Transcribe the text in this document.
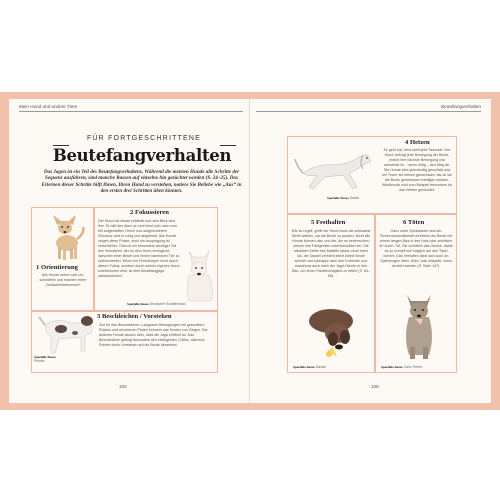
Mein Hund und andere Tiere	Beutefangverhalten
FÜR FORTGESCHRITTENE
Beutefangverhalten
Das Jagen ist ein Teil des Beutefangverhaltens. Während die meisten Hunde alle Schritte der Sequenz ausführen, sind manche Rassen auf einzelne hin gezüchtet worden (S. 24–25). Das Erlernen dieser Schritte hilft Ihnen, Ihren Hund zu verstehen, notiere Sie Beliebe wie „Aus“ in den ersten drei Schritten üben können.
1 Orientierung
Alle Hunde sehen sich um, schnüffeln und machen einen „Schaufenstebummel“.
2 Fokussieren
Der Hund hat etwas entdeckt und sein Blick wird ihm. Er hält den Atem an und lehnt sich nach vorn. Mit aufgestellten Ohren und aufgerichtetem Schwanz wird er ruhig und abgelenkt. Alle Hunde zeigen diese Phase, doch die Ausprägung ist verschieden. Dies ist ein besonders wichtiger Teil des Verhaltens, der es dem Hund ermöglicht, zwischen einer Beute und einem harmlosen Tier zu unterscheiden. Wenn ein Fremdkörper nicht durch diesen Fokus, sondern durch seinen eigenen Hund unterbrochen wird, ist eine Beutefangjagd wahrscheinlich.
3 Beschleichen / Vorstehen
Zeit für das Beschleichen: Langsame Bewegungen mit gesenktem Rücken und erhobenen Pfoten erinnern das Kneten von Ziegen. Der anderen Hunde wissen aber, dass die Jagd eröffnet ist. Das Beschleichen gelingt besonders den intelligenten Collies, während Pointer durch Vorstehen auf die Beute hinweisen.
4 Hetzen
Es geht los! Jetzt zählt jede Sekunde. Der Hund verfolgt jede Bewegung der Beute, erahnt ihre nächste Bewegung und schneidet ihr – wenn nötig – den Weg ab. Die Hunde sind gleichzeitig geschickt und ein Team, sie hetzen gemeinsam, als ob sie die Beute gemeinsam erledigen würden. Windhunde sind zum Beispiel besonders für das Hetzen gezüchtet.
5 Festhalten
Wie so regelt, greift der Hund muss die schwache Stelle wählen, um die Beute zu packen. Nicht alle Hunde können das, und die, die es beherrschen, setzen ihre Fähigkeiten unterschiedlich ein. Die stärksten Kiefer des Mastiffs lassen nicht mehr los, der Dackel versteht seine kleine Beute schnell und schnappt nach den Knöcheln und manchmal auch nach der Jagd-Hündin in den Bau, um einen Familienmitglied zu retten (S. 84–85).
6 Töten
Ganz unter Spezialisten aus der Terrierverwandtschaft erreichen die Beute mit einem langen Biss in den Hals oder schütteln ihr durch. Tot. Sie schütteln das Genick, damit es so schnell wie möglich auf den Tisch kommt. Das Verhalten lässt sich auch an Spielzeugen üben. Alles, was mitspielt, muss zerstört werden (S. Seite 147).
Spezielle Rasse Deutscher Schäferhund
Spezielle Rasse
Pointer
Spezielle Rasse Saluki
Spezielle Rasse Dackel	Spezielle Rasse Cairn Terrier
106	108
